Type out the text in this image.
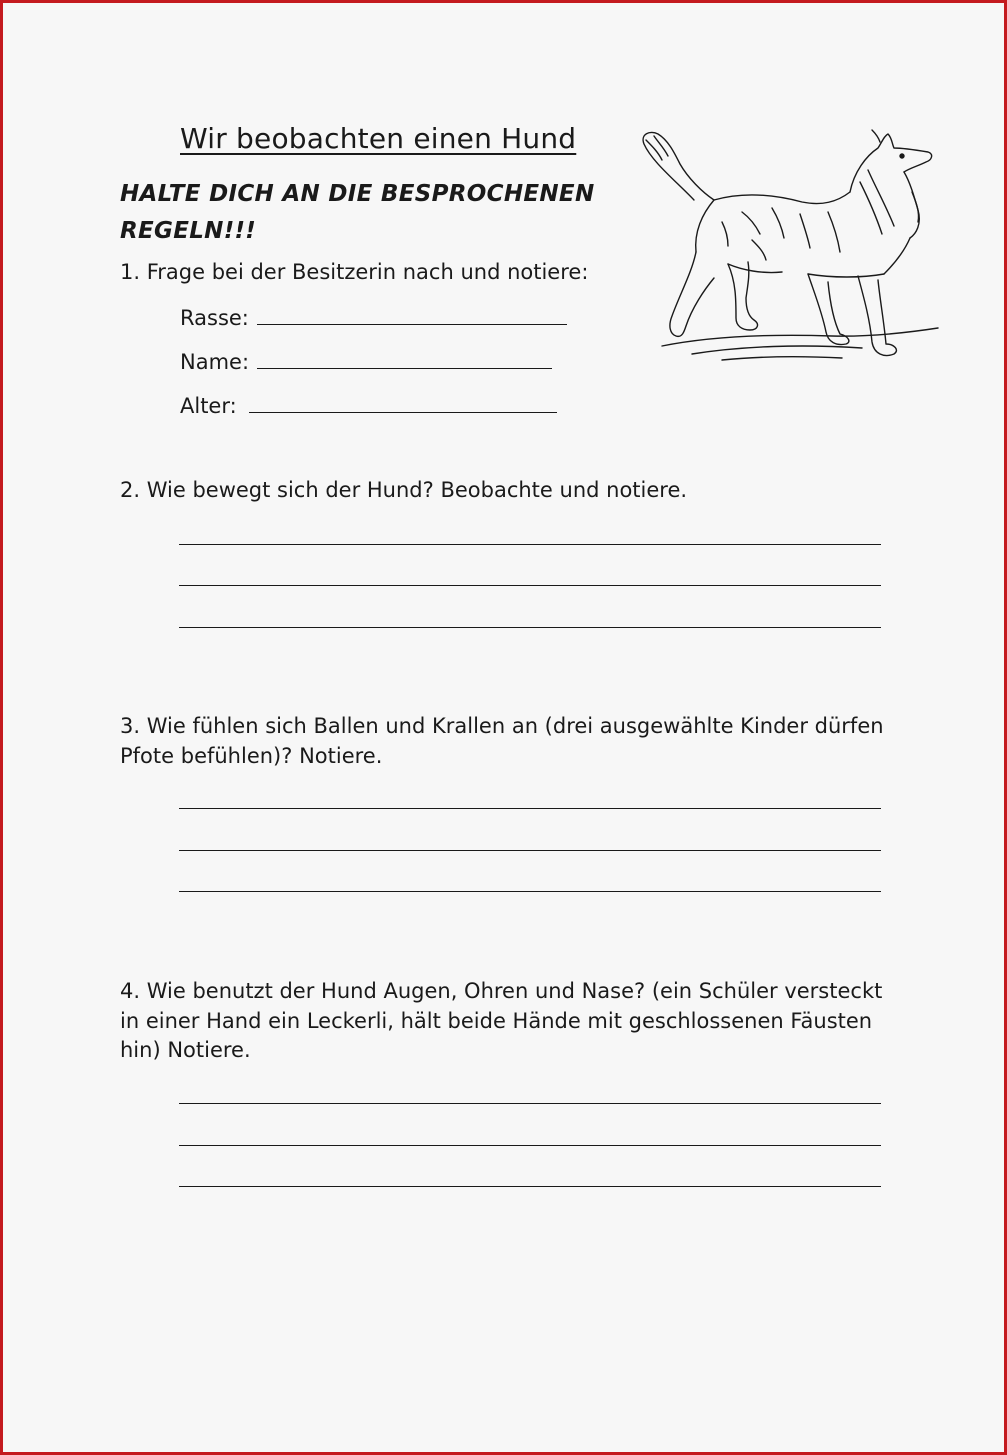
Wir beobachten einen Hund
HALTE DICH AN DIE BESPROCHENEN
REGELN!!!
1. Frage bei der Besitzerin nach und notiere:
Rasse:
Name:
Alter:
2. Wie bewegt sich der Hund? Beobachte und notiere.
3. Wie fühlen sich Ballen und Krallen an (drei ausgewählte Kinder dürfen
Pfote befühlen)? Notiere.
4. Wie benutzt der Hund Augen, Ohren und Nase? (ein Schüler versteckt
in einer Hand ein Leckerli, hält beide Hände mit geschlossenen Fäusten
hin) Notiere.
